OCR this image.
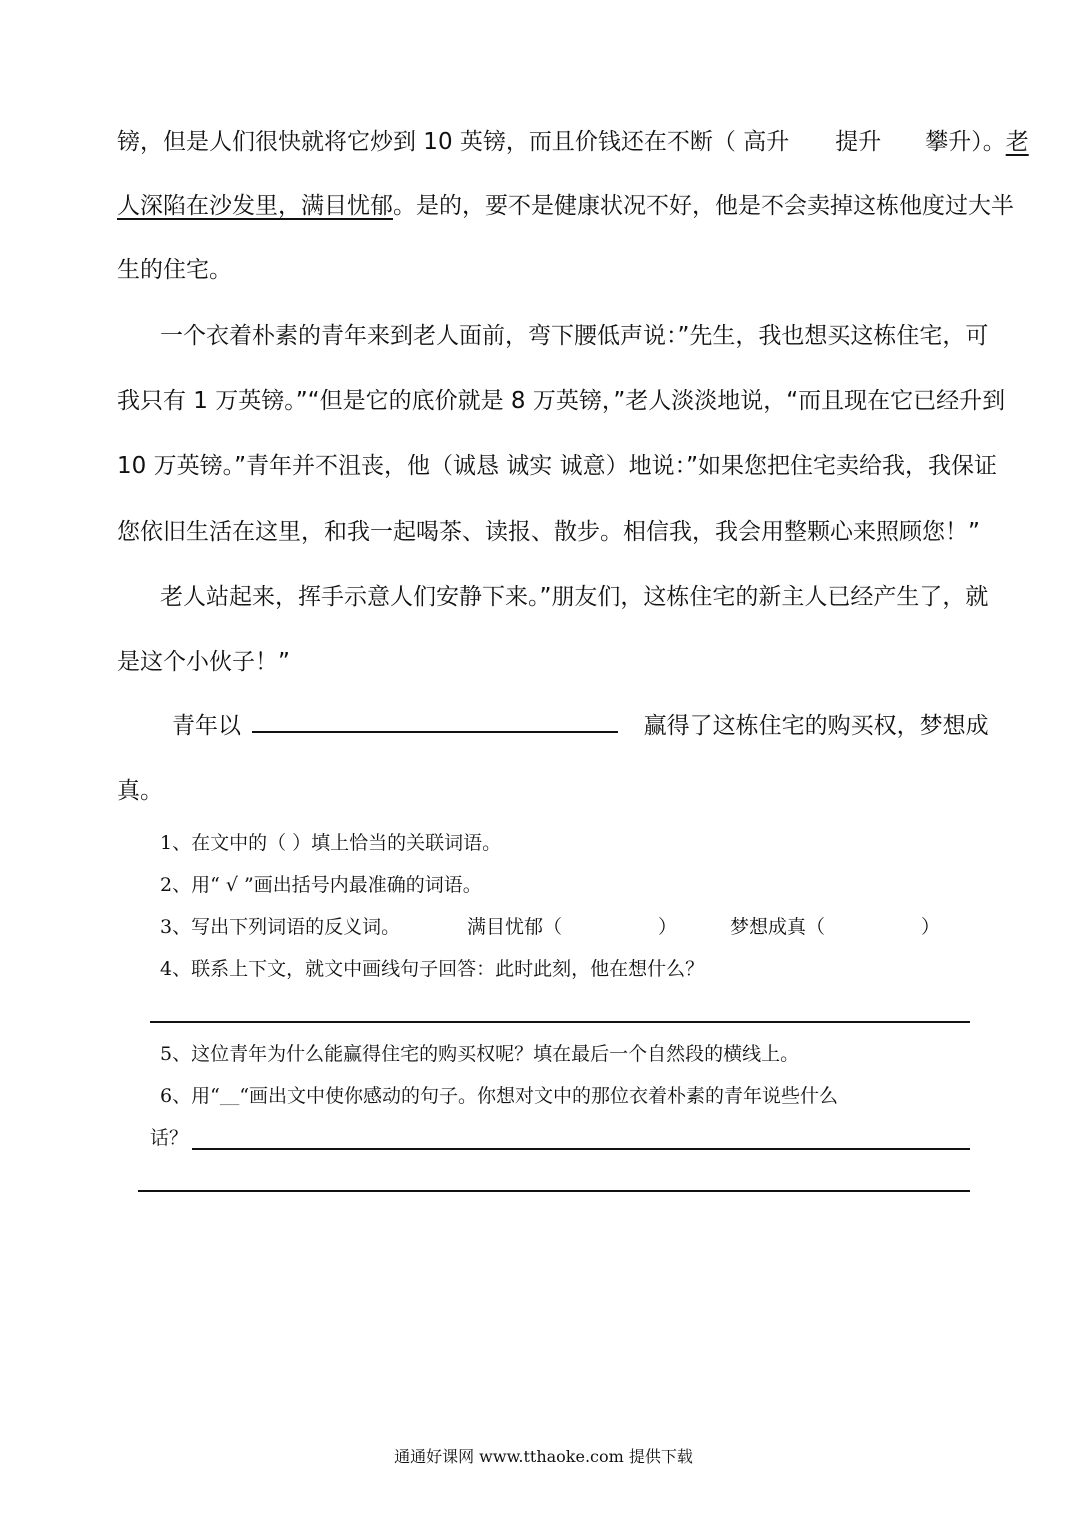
镑，但是人们很快就将它炒到 10 英镑，而且价钱还在不断（ 高升 提升 攀升）。老
人深陷在沙发里，满目忧郁。是的，要不是健康状况不好，他是不会卖掉这栋他度过大半
生的住宅。
一个衣着朴素的青年来到老人面前，弯下腰低声说：”先生，我也想买这栋住宅，可
我只有 1 万英镑。”“但是它的底价就是 8 万英镑，”老人淡淡地说，“而且现在它已经升到
10 万英镑。”青年并不沮丧，他（诚恳 诚实 诚意）地说：”如果您把住宅卖给我，我保证
您依旧生活在这里，和我一起喝茶、读报、散步。相信我，我会用整颗心来照顾您！”
老人站起来，挥手示意人们安静下来。”朋友们，这栋住宅的新主人已经产生了，就
是这个小伙子！”
青年以	赢得了这栋住宅的购买权，梦想成
真。
1、在文中的（ ）填上恰当的关联词语。
2、用“ √ ”画出括号内最准确的词语。
3、写出下列词语的反义词。	满目忧郁（	）	梦想成真（	）
4、联系上下文，就文中画线句子回答：此时此刻，他在想什么？
5、这位青年为什么能赢得住宅的购买权呢？填在最后一个自然段的横线上。
6、用“___“画出文中使你感动的句子。你想对文中的那位衣着朴素的青年说些什么
话？
通通好课网 www.tthaoke.com 提供下载
